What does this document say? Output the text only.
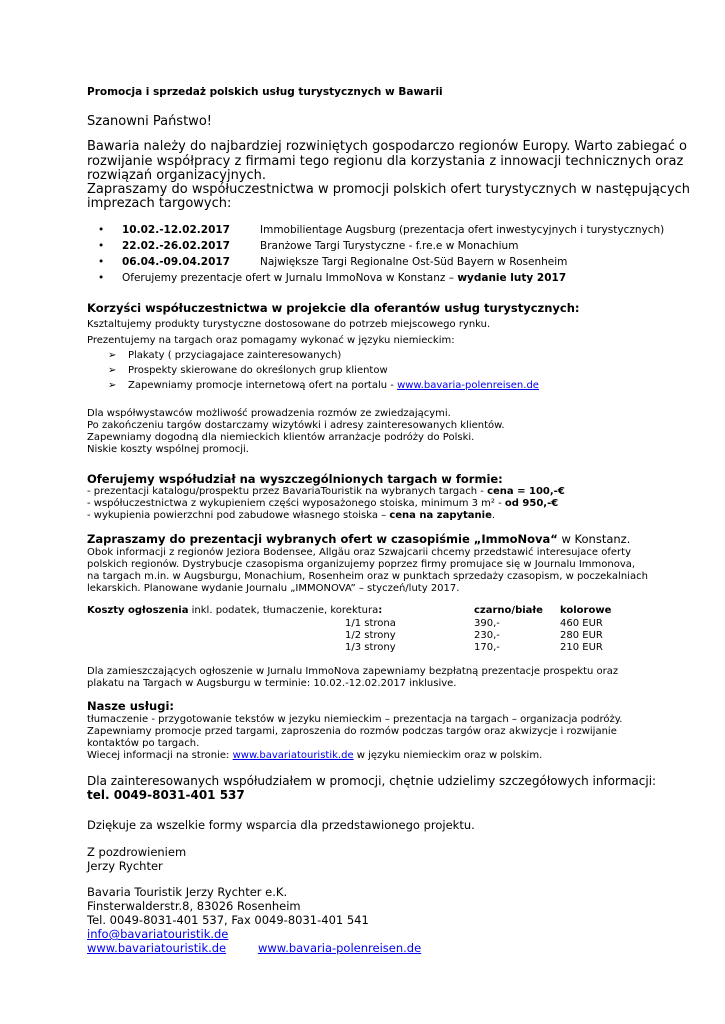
Promocja i sprzedaż polskich usług turystycznych w Bawarii
Szanowni Państwo!
Bawaria należy do najbardziej rozwiniętych gospodarczo regionów Europy. Warto zabiegać o
rozwijanie współpracy z firmami tego regionu dla korzystania z innowacji technicznych oraz
rozwiązań organizacyjnych.
Zapraszamy do współuczestnictwa w promocji polskich ofert turystycznych w następujących
imprezach targowych:
• 10.02.-12.02.2017	Immobilientage Augsburg (prezentacja ofert inwestycyjnych i turystycznych)
• 22.02.-26.02.2017	Branżowe Targi Turystyczne - f.re.e w Monachium
• 06.04.-09.04.2017	Największe Targi Regionalne Ost-Süd Bayern w Rosenheim
• Oferujemy prezentacje ofert w Jurnalu ImmoNova w Konstanz – wydanie luty 2017
Korzyści współuczestnictwa w projekcie dla oferantów usług turystycznych:
Ksztaltujemy produkty turystyczne dostosowane do potrzeb miejscowego rynku.
Prezentujemy na targach oraz pomagamy wykonać w języku niemieckim:
➢ Plakaty ( przyciagajace zainteresowanych)
➢ Prospekty skierowane do określonych grup klientow
➢ Zapewniamy promocje internetową ofert na portalu - www.bavaria-polenreisen.de
Dla współwystawców możliwość prowadzenia rozmów ze zwiedzającymi.
Po zakończeniu targów dostarczamy wizytówki i adresy zainteresowanych klientów.
Zapewniamy dogodną dla niemieckich klientów arranżacje podróży do Polski.
Niskie koszty wspólnej promocji.
Oferujemy współudział na wyszczególnionych targach w formie:
- prezentacji katalogu/prospektu przez BavariaTouristik na wybranych targach - cena = 100,-€
- współuczestnictwa z wykupieniem części wyposażonego stoiska, minimum 3 m² - od 950,-€
- wykupienia powierzchni pod zabudowe własnego stoiska – cena na zapytanie.
Zapraszamy do prezentacji wybranych ofert w czasopiśmie „ImmoNova“ w Konstanz.
Obok informacji z regionów Jeziora Bodensee, Allgäu oraz Szwajcarii chcemy przedstawić interesujace oferty
polskich regionów. Dystrybucje czasopisma organizujemy poprzez firmy promujace się w Journalu Immonova,
na targach m.in. w Augsburgu, Monachium, Rosenheim oraz w punktach sprzedaży czasopism, w poczekalniach
lekarskich. Planowane wydanie Journalu „IMMONOVA” – styczeń/luty 2017.
Koszty ogłoszenia inkl. podatek, tłumaczenie, korektura:	czarno/białe kolorowe
1/1 strona	390,-	460 EUR
1/2 strony	230,-	280 EUR
1/3 strony	170,-	210 EUR
Dla zamieszczających ogłoszenie w Jurnalu ImmoNova zapewniamy bezpłatną prezentacje prospektu oraz
plakatu na Targach w Augsburgu w terminie: 10.02.-12.02.2017 inklusive.
Nasze usługi:
tłumaczenie - przygotowanie tekstów w jezyku niemieckim – prezentacja na targach – organizacja podróży.
Zapewniamy promocje przed targami, zaproszenia do rozmów podczas targów oraz akwizycje i rozwijanie
kontaktów po targach.
Wiecej informacji na stronie: www.bavariatouristik.de w języku niemieckim oraz w polskim.
Dla zainteresowanych współudziałem w promocji, chętnie udzielimy szczegółowych informacji:
tel. 0049-8031-401 537
Dziękuje za wszelkie formy wsparcia dla przedstawionego projektu.
Z pozdrowieniem
Jerzy Rychter
Bavaria Touristik Jerzy Rychter e.K.
Finsterwalderstr.8, 83026 Rosenheim
Tel. 0049-8031-401 537, Fax 0049-8031-401 541
info@bavariatouristik.de
www.bavariatouristik.de	www.bavaria-polenreisen.de
